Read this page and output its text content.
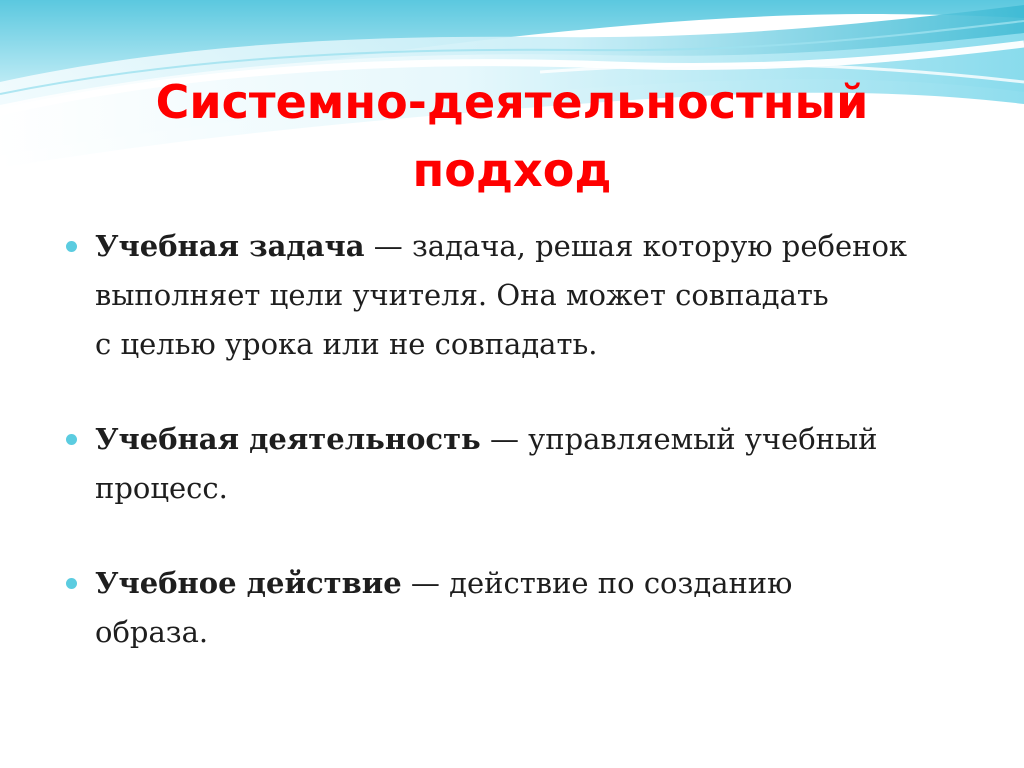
Системно-деятельностный
подход
Учебная задача — задача, решая которую ребенок
выполняет цели учителя. Она может совпадать
с целью урока или не совпадать.
Учебная деятельность — управляемый учебный
процесс.
Учебное действие — действие по созданию
образа.
